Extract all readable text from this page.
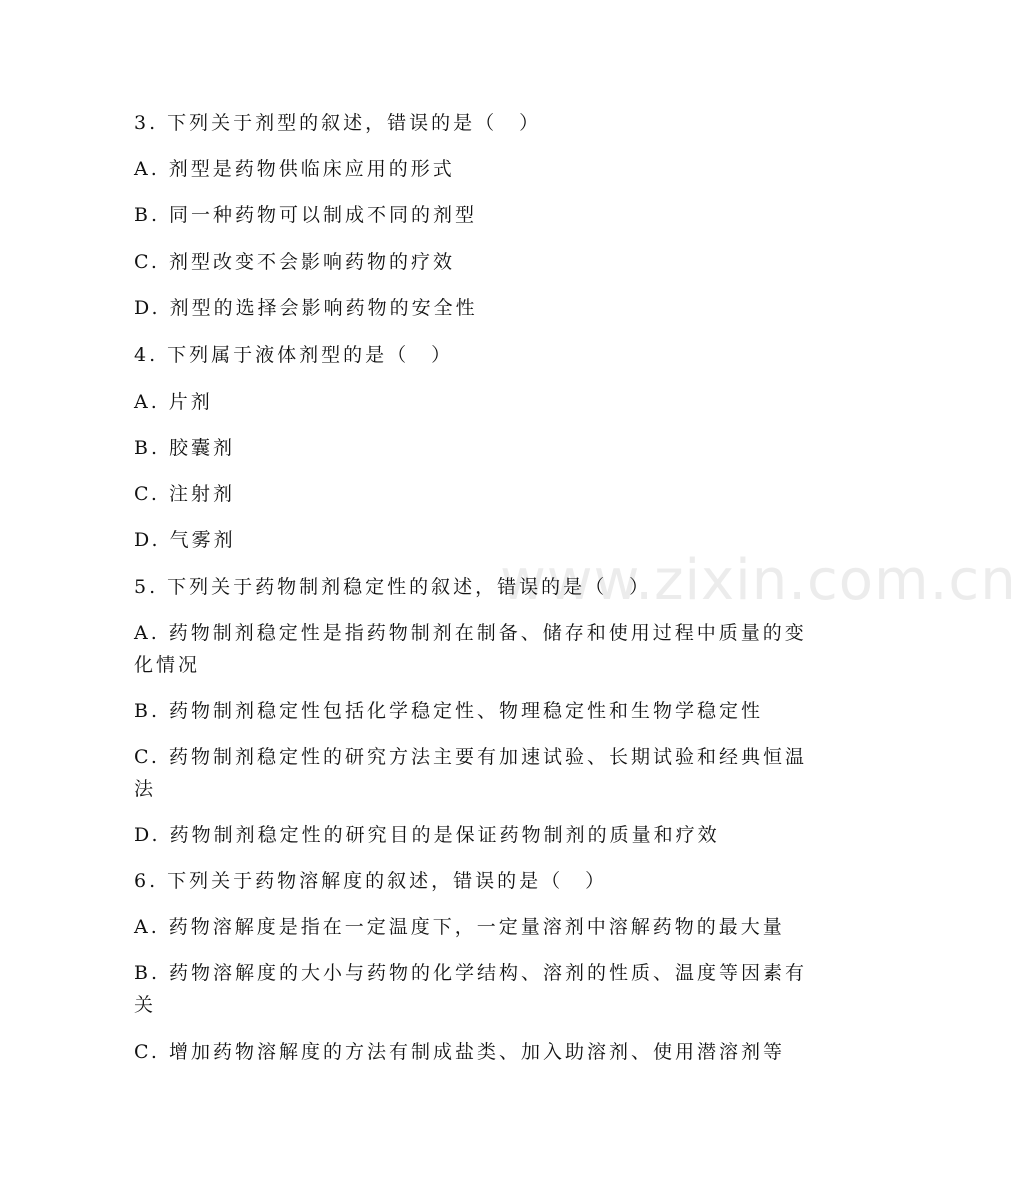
www.zixin.com.cn
3. 下列关于剂型的叙述，错误的是（　）
A. 剂型是药物供临床应用的形式
B. 同一种药物可以制成不同的剂型
C. 剂型改变不会影响药物的疗效
D. 剂型的选择会影响药物的安全性
4. 下列属于液体剂型的是（　）
A. 片剂
B. 胶囊剂
C. 注射剂
D. 气雾剂
5. 下列关于药物制剂稳定性的叙述，错误的是（　）
A. 药物制剂稳定性是指药物制剂在制备、储存和使用过程中质量的变
化情况
B. 药物制剂稳定性包括化学稳定性、物理稳定性和生物学稳定性
C. 药物制剂稳定性的研究方法主要有加速试验、长期试验和经典恒温
法
D. 药物制剂稳定性的研究目的是保证药物制剂的质量和疗效
6. 下列关于药物溶解度的叙述，错误的是（　）
A. 药物溶解度是指在一定温度下，一定量溶剂中溶解药物的最大量
B. 药物溶解度的大小与药物的化学结构、溶剂的性质、温度等因素有
关
C. 增加药物溶解度的方法有制成盐类、加入助溶剂、使用潜溶剂等
